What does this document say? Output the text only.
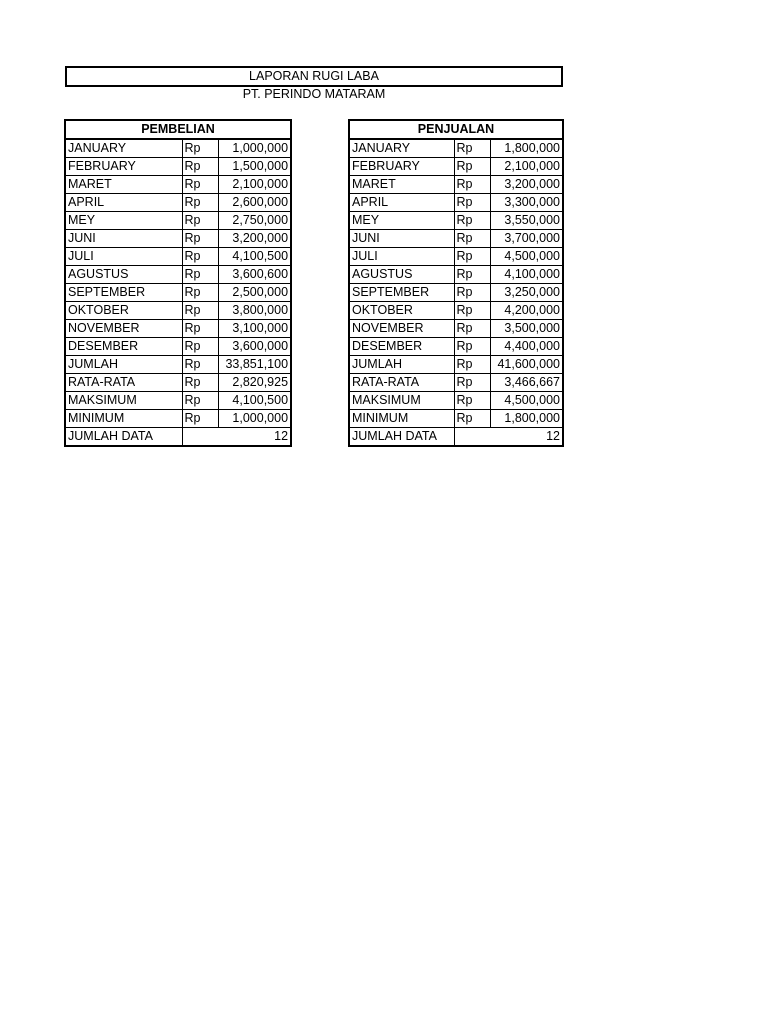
LAPORAN RUGI LABA
PT. PERINDO MATARAM
PEMBELIAN		
JANUARY	Rp	1,000,000
FEBRUARY	Rp	1,500,000
MARET	Rp	2,100,000
APRIL	Rp	2,600,000
MEY	Rp	2,750,000
JUNI	Rp	3,200,000
JULI	Rp	4,100,500
AGUSTUS	Rp	3,600,600
SEPTEMBER	Rp	2,500,000
OKTOBER	Rp	3,800,000
NOVEMBER	Rp	3,100,000
DESEMBER	Rp	3,600,000
JUMLAH	Rp	33,851,100
RATA-RATA	Rp	2,820,925
MAKSIMUM	Rp	4,100,500
MINIMUM	Rp	1,000,000
JUMLAH DATA	12	
PENJUALAN		
JANUARY	Rp	1,800,000
FEBRUARY	Rp	2,100,000
MARET	Rp	3,200,000
APRIL	Rp	3,300,000
MEY	Rp	3,550,000
JUNI	Rp	3,700,000
JULI	Rp	4,500,000
AGUSTUS	Rp	4,100,000
SEPTEMBER	Rp	3,250,000
OKTOBER	Rp	4,200,000
NOVEMBER	Rp	3,500,000
DESEMBER	Rp	4,400,000
JUMLAH	Rp	41,600,000
RATA-RATA	Rp	3,466,667
MAKSIMUM	Rp	4,500,000
MINIMUM	Rp	1,800,000
JUMLAH DATA	12	
